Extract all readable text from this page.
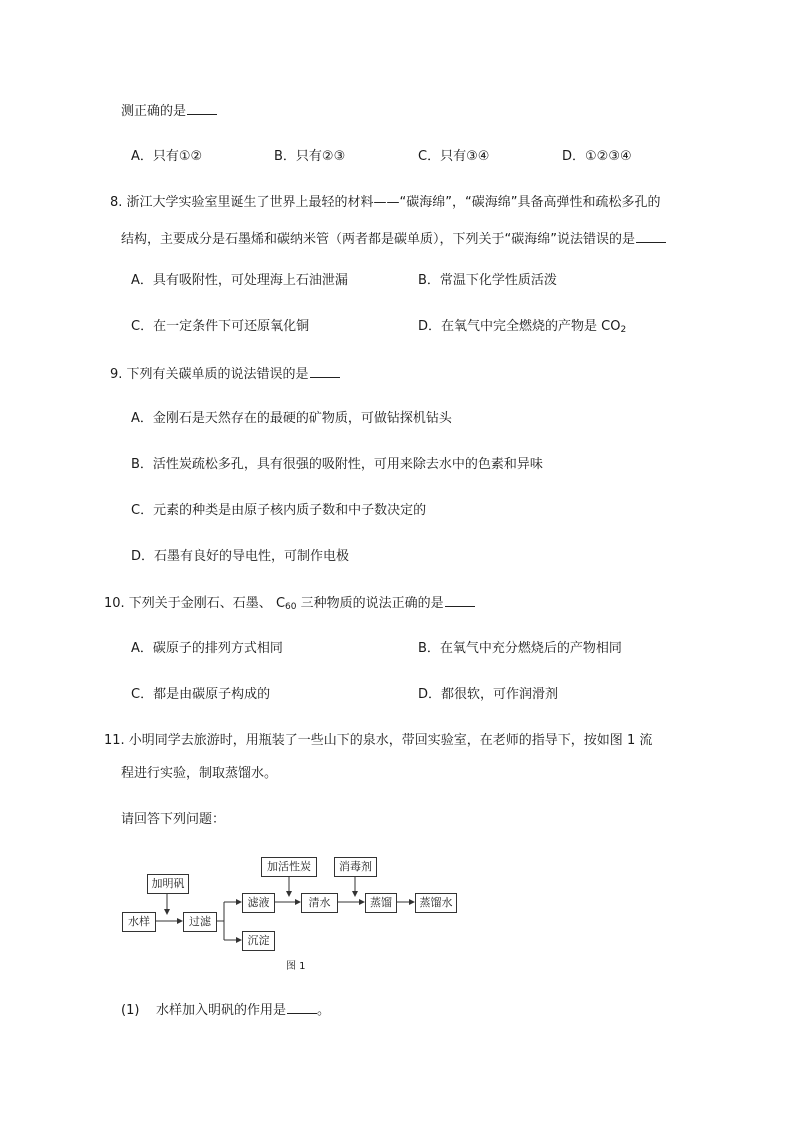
测正确的是
A．只有①②	B．只有②③	C．只有③④	D．①②③④
8. 浙江大学实验室里诞生了世界上最轻的材料——“碳海绵”，“碳海绵”具备高弹性和疏松多孔的
结构，主要成分是石墨烯和碳纳米管（两者都是碳单质），下列关于“碳海绵”说法错误的是
A．具有吸附性，可处理海上石油泄漏	B．常温下化学性质活泼
C．在一定条件下可还原氧化铜	D．在氧气中完全燃烧的产物是 $CO_2$
9. 下列有关碳单质的说法错误的是
A．金刚石是天然存在的最硬的矿物质，可做钻探机钻头
B．活性炭疏松多孔，具有很强的吸附性，可用来除去水中的色素和异味
C．元素的种类是由原子核内质子数和中子数决定的
D．石墨有良好的导电性，可制作电极
10. 下列关于金刚石、石墨、 $C_{60}$ 三种物质的说法正确的是
A．碳原子的排列方式相同	B．在氧气中充分燃烧后的产物相同
C．都是由碳原子构成的	D．都很软，可作润滑剂
11. 小明同学去旅游时，用瓶装了一些山下的泉水，带回实验室，在老师的指导下，按如图 1 流
程进行实验，制取蒸馏水。
请回答下列问题：
水样
加明矾
过滤
滤液
沉淀
加活性炭
清水
消毒剂
蒸馏	蒸馏水
图 1
(1) 水样加入明矾的作用是 。
